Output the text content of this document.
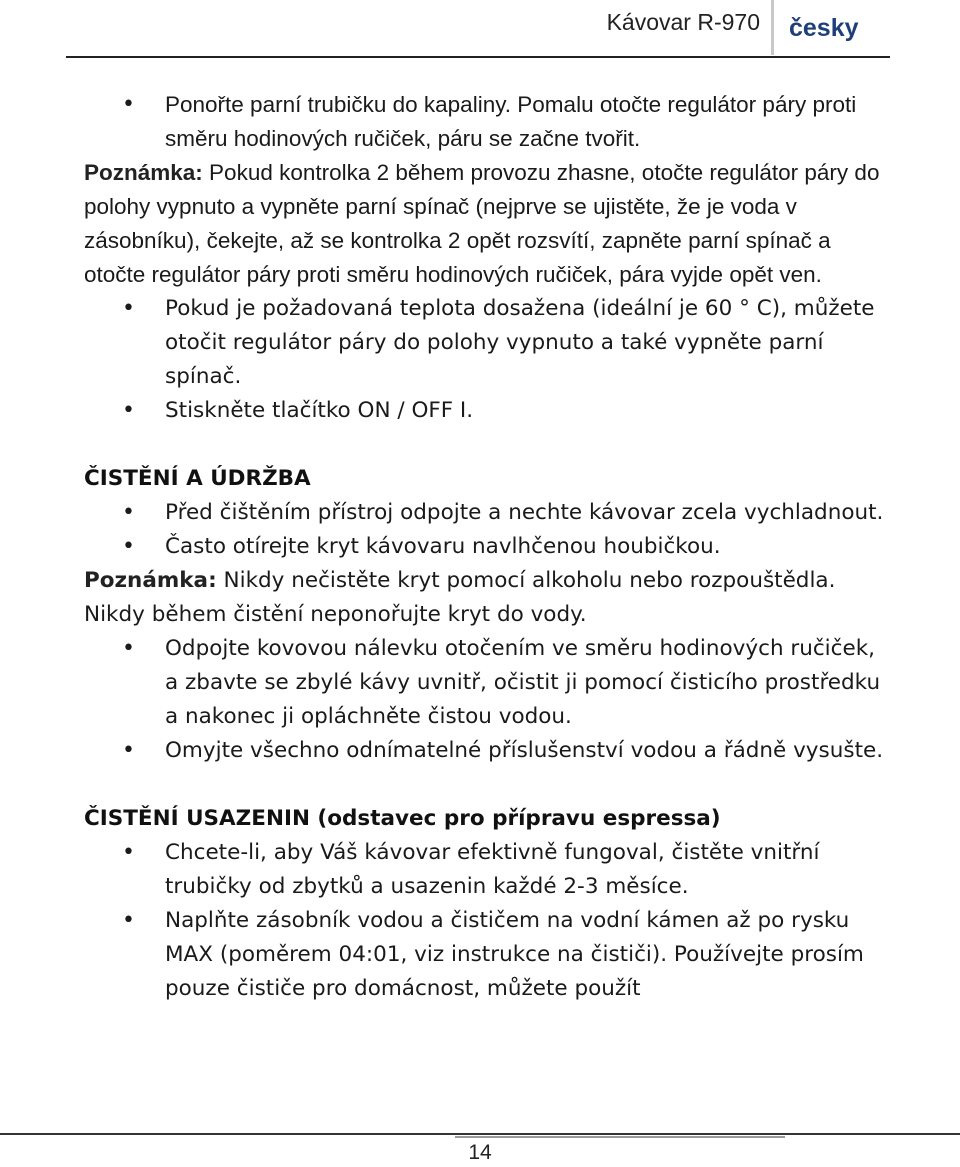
Kávovar R-970 česky

• Ponořte parní trubičku do kapaliny. Pomalu otočte regulátor páry proti směru hodinových ručiček, páru se začne tvořit.

Poznámka: Pokud kontrolka 2 během provozu zhasne, otočte regulátor páry do polohy vypnuto a vypněte parní spínač (nejprve se ujistěte, že je voda v zásobníku), čekejte, až se kontrolka 2 opět rozsvítí, zapněte parní spínač a otočte regulátor páry proti směru hodinových ručiček, pára vyjde opět ven.

• Pokud je požadovaná teplota dosažena (ideální je 60 ° C), můžete otočit regulátor páry do polohy vypnuto a také vypněte parní spínač.

• Stiskněte tlačítko ON / OFF I.

ČISTĚNÍ A ÚDRŽBA

• Před čištěním přístroj odpojte a nechte kávovar zcela vychladnout.

• Často otírejte kryt kávovaru navlhčenou houbičkou.

Poznámka: Nikdy nečistěte kryt pomocí alkoholu nebo rozpouštědla. Nikdy během čistění neponořujte kryt do vody.

• Odpojte kovovou nálevku otočením ve směru hodinových ručiček, a zbavte se zbylé kávy uvnitř, očistit ji pomocí čisticího prostředku a nakonec ji opláchněte čistou vodou.

• Omyjte všechno odnímatelné příslušenství vodou a řádně vysušte.

ČISTĚNÍ USAZENIN (odstavec pro přípravu espressa)

• Chcete-li, aby Váš kávovar efektivně fungoval, čistěte vnitřní trubičky od zbytků a usazenin každé 2-3 měsíce.

• Naplňte zásobník vodou a čističem na vodní kámen až po rysku MAX (poměrem 04:01, viz instrukce na čističi). Používejte prosím pouze čističe pro domácnost, můžete použít

14
